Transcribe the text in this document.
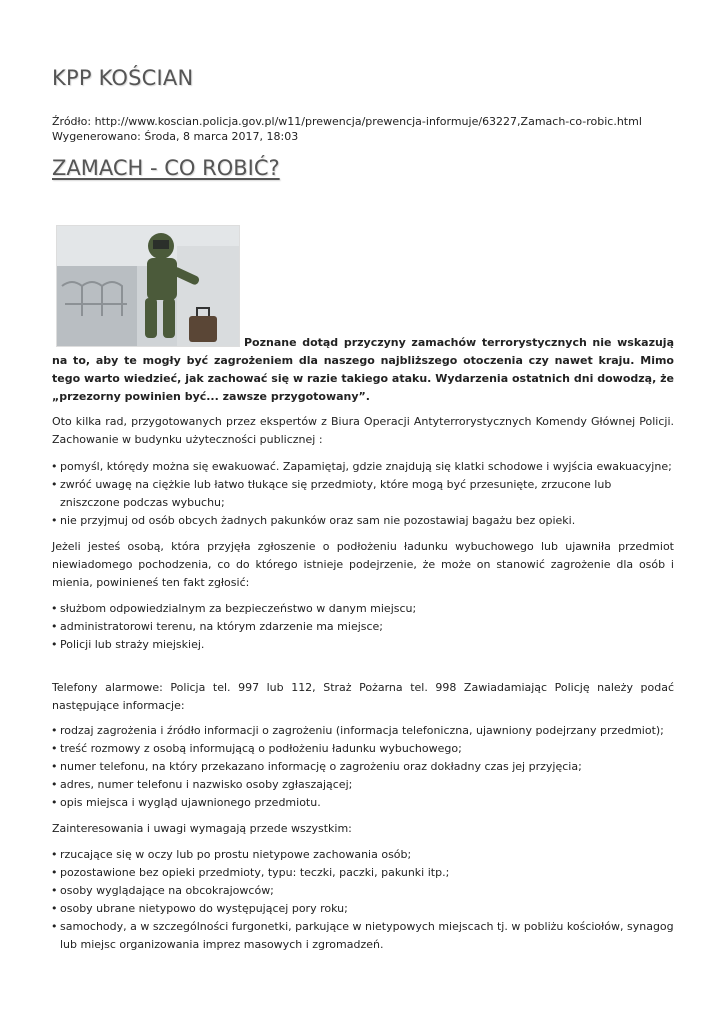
KPP KOŚCIAN
Źródło: http://www.koscian.policja.gov.pl/w11/prewencja/prewencja-informuje/63227,Zamach-co-robic.html
Wygenerowano: Środa, 8 marca 2017, 18:03
ZAMACH - CO ROBIĆ?
Poznane dotąd przyczyny zamachów terrorystycznych nie wskazują na to, aby te mogły być zagrożeniem dla naszego najbliższego otoczenia czy nawet kraju. Mimo tego warto wiedzieć, jak zachować się w razie takiego ataku. Wydarzenia ostatnich dni dowodzą, że „przezorny powinien być... zawsze przygotowany”.
Oto kilka rad, przygotowanych przez ekspertów z Biura Operacji Antyterrorystycznych Komendy Głównej Policji. Zachowanie w budynku użyteczności publicznej :
• pomyśl, którędy można się ewakuować. Zapamiętaj, gdzie znajdują się klatki schodowe i wyjścia ewakuacyjne;
• zwróć uwagę na ciężkie lub łatwo tłukące się przedmioty, które mogą być przesunięte, zrzucone lub zniszczone podczas wybuchu;
• nie przyjmuj od osób obcych żadnych pakunków oraz sam nie pozostawiaj bagażu bez opieki.
Jeżeli jesteś osobą, która przyjęła zgłoszenie o podłożeniu ładunku wybuchowego lub ujawniła przedmiot niewiadomego pochodzenia, co do którego istnieje podejrzenie, że może on stanowić zagrożenie dla osób i mienia, powinieneś ten fakt zgłosić:
• służbom odpowiedzialnym za bezpieczeństwo w danym miejscu;
• administratorowi terenu, na którym zdarzenie ma miejsce;
• Policji lub straży miejskiej.
Telefony alarmowe: Policja tel. 997 lub 112, Straż Pożarna tel. 998 Zawiadamiając Policję należy podać następujące informacje:
• rodzaj zagrożenia i źródło informacji o zagrożeniu (informacja telefoniczna, ujawniony podejrzany przedmiot);
• treść rozmowy z osobą informującą o podłożeniu ładunku wybuchowego;
• numer telefonu, na który przekazano informację o zagrożeniu oraz dokładny czas jej przyjęcia;
• adres, numer telefonu i nazwisko osoby zgłaszającej;
• opis miejsca i wygląd ujawnionego przedmiotu.
Zainteresowania i uwagi wymagają przede wszystkim:
• rzucające się w oczy lub po prostu nietypowe zachowania osób;
• pozostawione bez opieki przedmioty, typu: teczki, paczki, pakunki itp.;
• osoby wyglądające na obcokrajowców;
• osoby ubrane nietypowo do występującej pory roku;
• samochody, a w szczególności furgonetki, parkujące w nietypowych miejscach tj. w pobliżu kościołów, synagog lub miejsc organizowania imprez masowych i zgromadzeń.
